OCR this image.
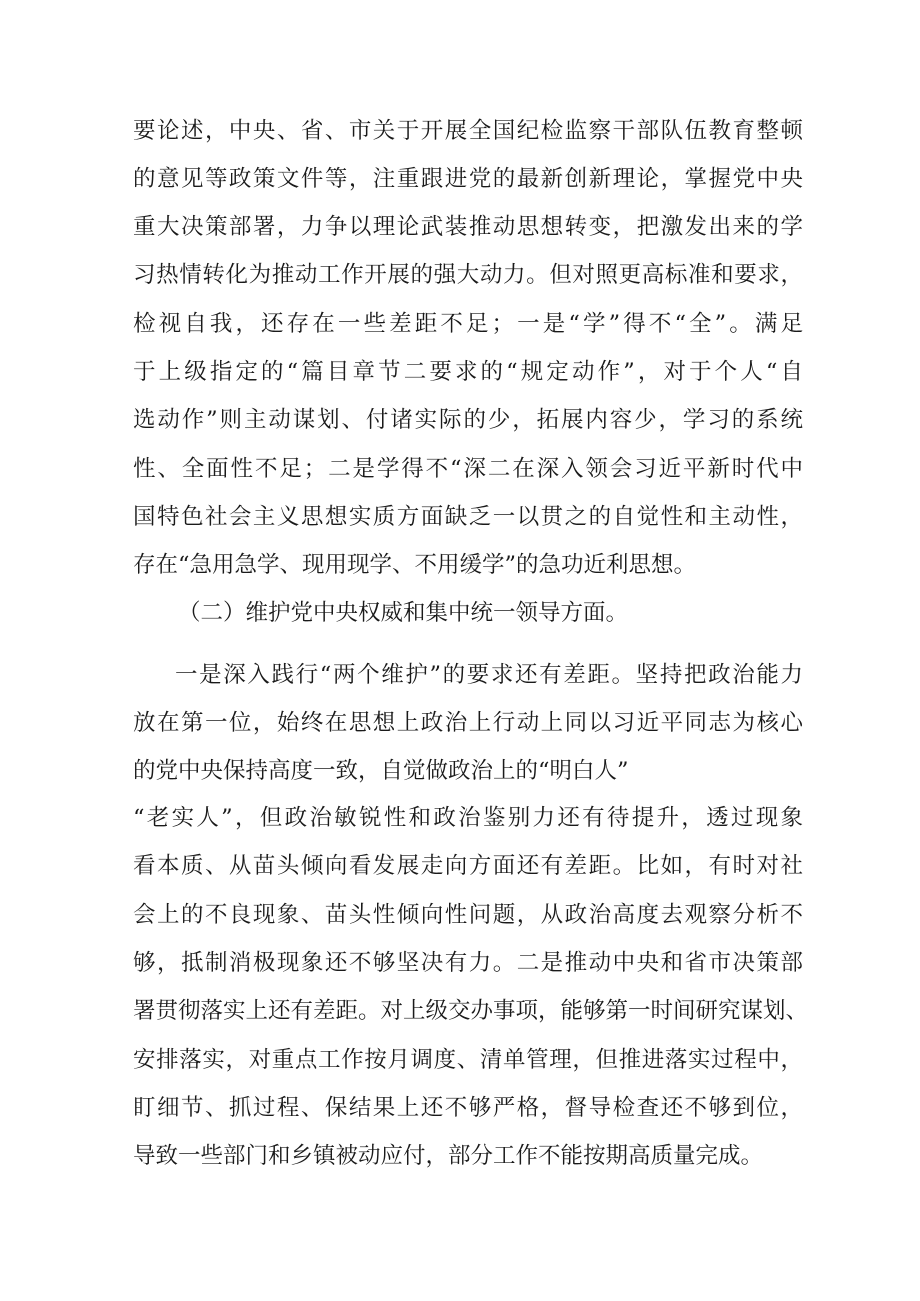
要论述，中央、省、市关于开展全国纪检监察干部队伍教育整顿
的意见等政策文件等，注重跟进党的最新创新理论，掌握党中央
重大决策部署，力争以理论武装推动思想转变，把激发出来的学
习热情转化为推动工作开展的强大动力。但对照更高标准和要求，
检视自我，还存在一些差距不足；一是“学”得不“全”。满足
于上级指定的“篇目章节二要求的“规定动作”，对于个人“自
选动作”则主动谋划、付诸实际的少，拓展内容少，学习的系统
性、全面性不足；二是学得不“深二在深入领会习近平新时代中
国特色社会主义思想实质方面缺乏一以贯之的自觉性和主动性，
存在“急用急学、现用现学、不用缓学”的急功近利思想。
（二）维护党中央权威和集中统一领导方面。
一是深入践行“两个维护”的要求还有差距。坚持把政治能力
放在第一位，始终在思想上政治上行动上同以习近平同志为核心
的党中央保持高度一致，自觉做政治上的“明白人”
“老实人”，但政治敏锐性和政治鉴别力还有待提升，透过现象
看本质、从苗头倾向看发展走向方面还有差距。比如，有时对社
会上的不良现象、苗头性倾向性问题，从政治高度去观察分析不
够，抵制消极现象还不够坚决有力。二是推动中央和省市决策部
署贯彻落实上还有差距。对上级交办事项，能够第一时间研究谋划、
安排落实，对重点工作按月调度、清单管理，但推进落实过程中，
盯细节、抓过程、保结果上还不够严格，督导检查还不够到位，
导致一些部门和乡镇被动应付，部分工作不能按期高质量完成。
